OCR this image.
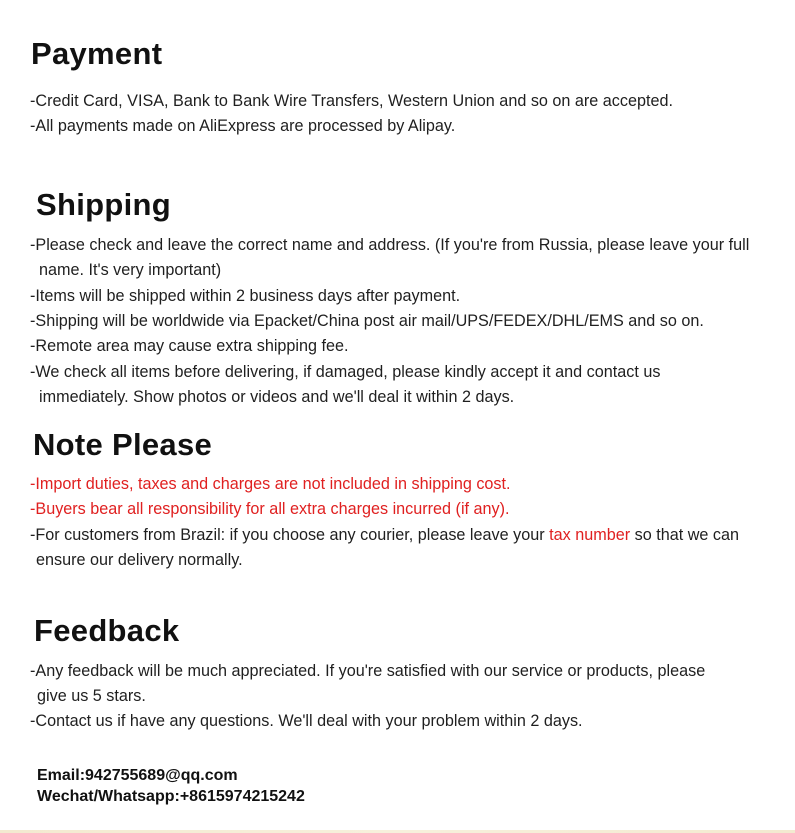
Payment

-Credit Card, VISA, Bank to Bank Wire Transfers, Western Union and so on are accepted.

-All payments made on AliExpress are processed by Alipay.

Shipping

-Please check and leave the correct name and address. (If you're from Russia, please leave your full

name. It's very important)

-Items will be shipped within 2 business days after payment.

-Shipping will be worldwide via Epacket/China post air mail/UPS/FEDEX/DHL/EMS and so on.

-Remote area may cause extra shipping fee.

-We check all items before delivering, if damaged, please kindly accept it and contact us

immediately. Show photos or videos and we'll deal it within 2 days.

Note Please

-Import duties, taxes and charges are not included in shipping cost.

-Buyers bear all responsibility for all extra charges incurred (if any).

-For customers from Brazil: if you choose any courier, please leave your tax number so that we can

ensure our delivery normally.

Feedback

-Any feedback will be much appreciated. If you're satisfied with our service or products, please

give us 5 stars.

-Contact us if have any questions. We'll deal with your problem within 2 days.

Email:942755689@qq.com
Wechat/Whatsapp:+8615974215242
